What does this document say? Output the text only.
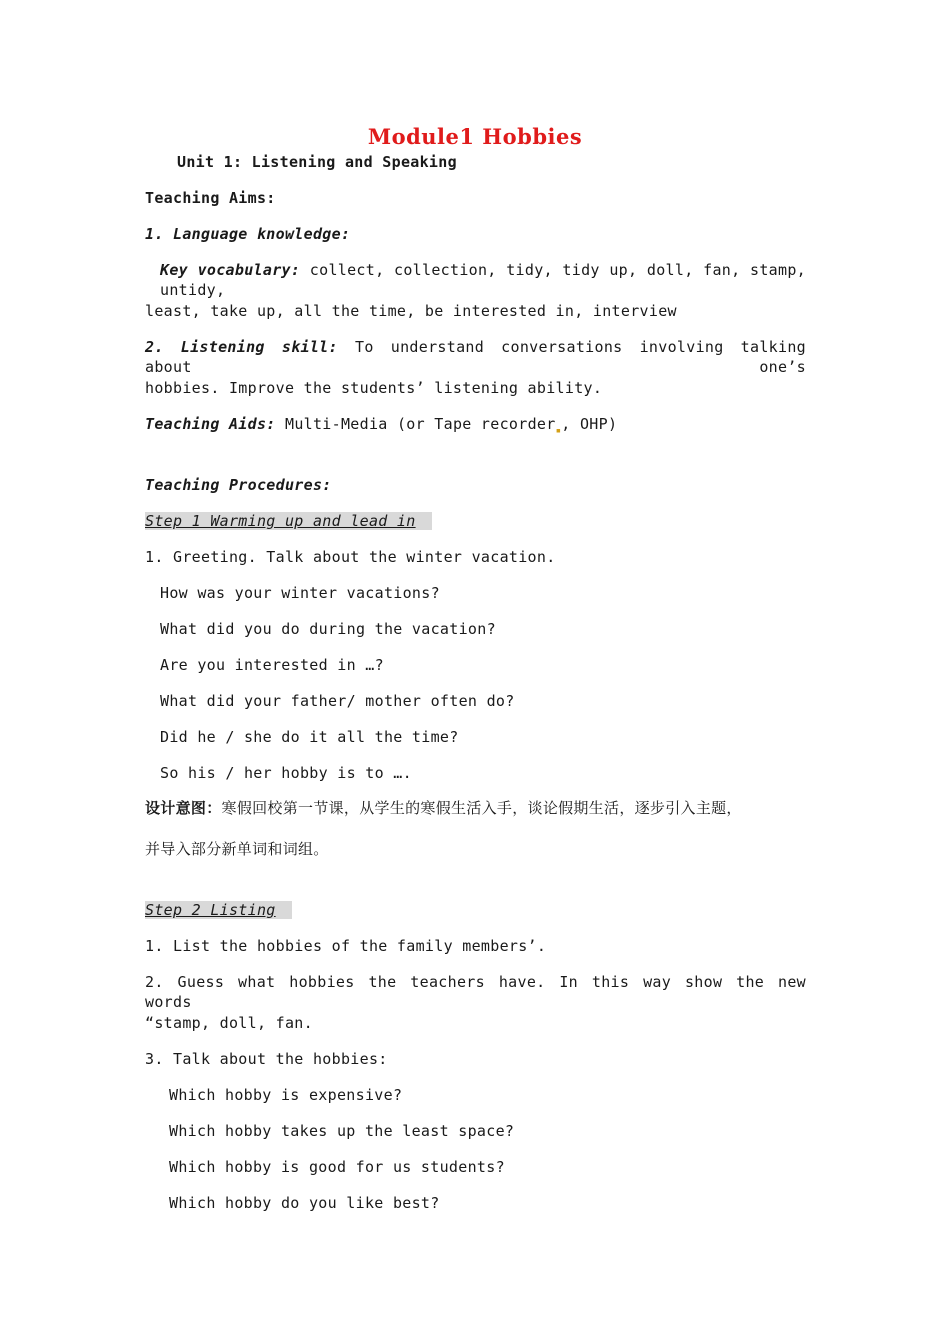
Module1 Hobbies
Unit 1: Listening and Speaking
Teaching Aims:
1. Language knowledge:
Key vocabulary: collect, collection, tidy, tidy up, doll, fan, stamp, untidy,
least, take up, all the time, be interested in, interview
2. Listening skill: To understand conversations involving talking about one’s
hobbies. Improve the students’ listening ability.
Teaching Aids: Multi-Media (or Tape recorder$_▪$, OHP)
Teaching Procedures:
Step 1 Warming up and lead in
1. Greeting. Talk about the winter vacation.
How was your winter vacations?
What did you do during the vacation?
Are you interested in …?
What did your father/ mother often do?
Did he / she do it all the time?
So his / her hobby is to ….
设计意图：寒假回校第一节课，从学生的寒假生活入手，谈论假期生活，逐步引入主题，
并导入部分新单词和词组。
Step 2 Listing
1. List the hobbies of the family members’.
2. Guess what hobbies the teachers have. In this way show the new words
“stamp, doll, fan.
3. Talk about the hobbies:
Which hobby is expensive?
Which hobby takes up the least space?
Which hobby is good for us students?
Which hobby do you like best?
